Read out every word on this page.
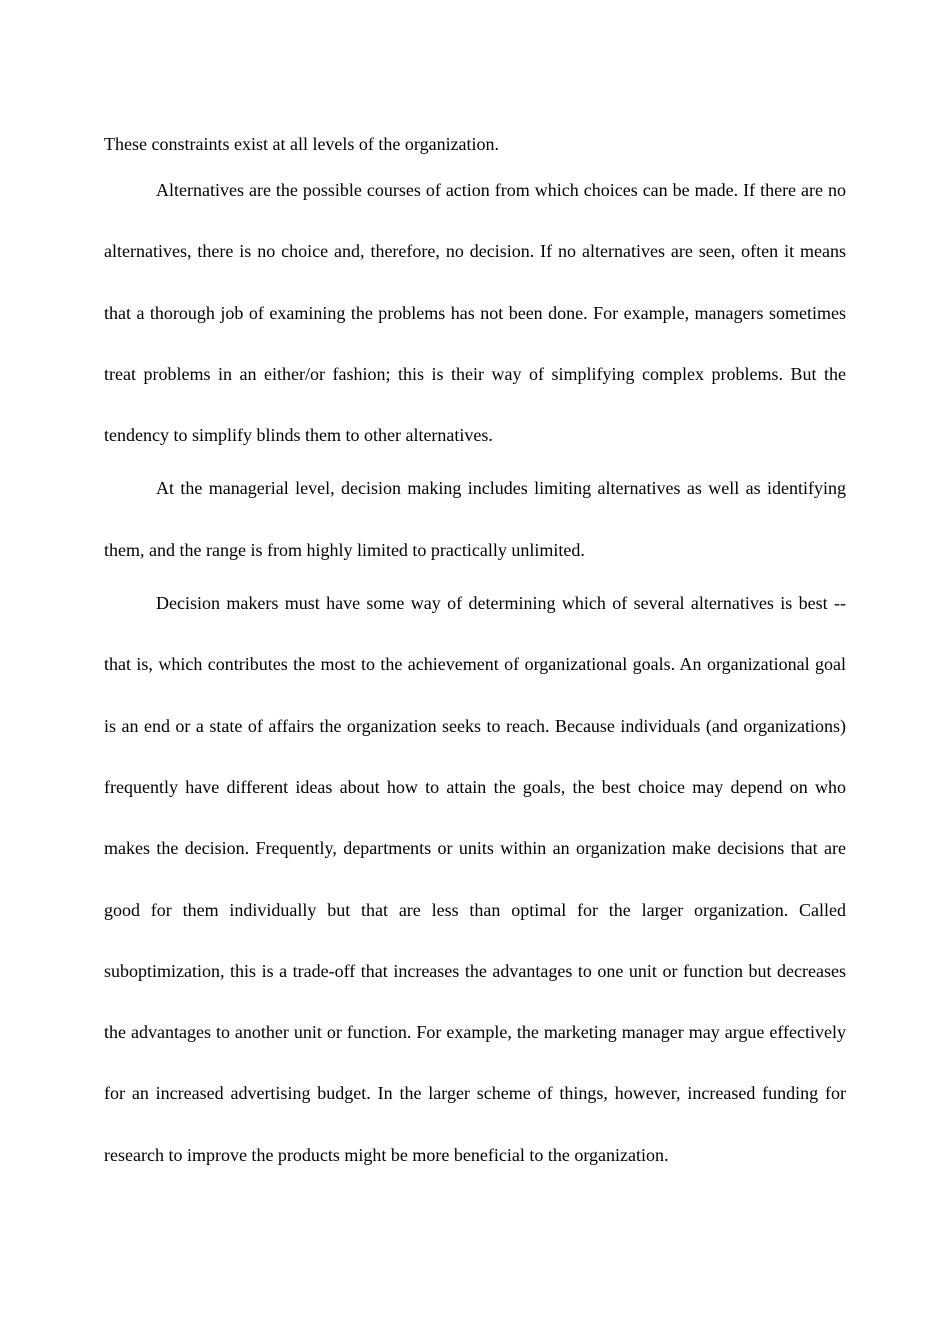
These constraints exist at all levels of the organization.

Alternatives are the possible courses of action from which choices can be made. If there are no alternatives, there is no choice and, therefore, no decision. If no alternatives are seen, often it means that a thorough job of examining the problems has not been done. For example, managers sometimes treat problems in an either/or fashion; this is their way of simplifying complex problems. But the tendency to simplify blinds them to other alternatives.

At the managerial level, decision making includes limiting alternatives as well as identifying them, and the range is from highly limited to practically unlimited.

Decision makers must have some way of determining which of several alternatives is best -- that is, which contributes the most to the achievement of organizational goals. An organizational goal is an end or a state of affairs the organization seeks to reach. Because individuals (and organizations) frequently have different ideas about how to attain the goals, the best choice may depend on who makes the decision. Frequently, departments or units within an organization make decisions that are good for them individually but that are less than optimal for the larger organization. Called suboptimization, this is a trade-off that increases the advantages to one unit or function but decreases the advantages to another unit or function. For example, the marketing manager may argue effectively for an increased advertising budget. In the larger scheme of things, however, increased funding for research to improve the products might be more beneficial to the organization.
